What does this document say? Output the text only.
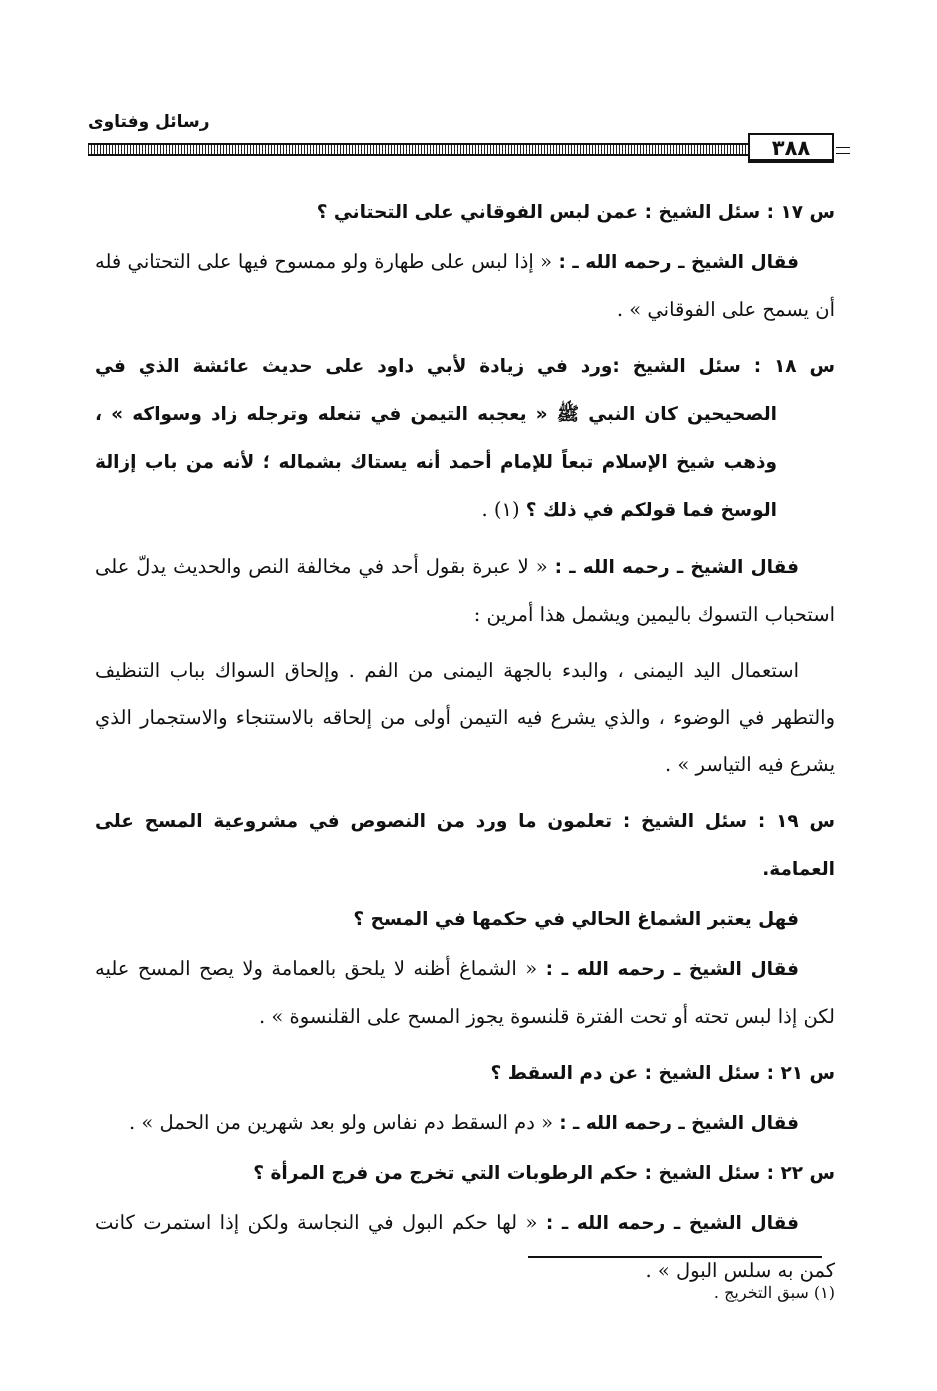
رسائل وفتاوى
٣٨٨

س ١٧ : سئل الشيخ : عمن لبس الفوقاني على التحتاني ؟

فقال الشيخ ـ رحمه الله ـ : « إذا لبس على طهارة ولو ممسوح فيها على التحتاني فله أن يسمح على الفوقاني » .

س ١٨ : سئل الشيخ :ورد في زيادة لأبي داود على حديث عائشة الذي في الصحيحين كان النبي ﷺ « يعجبه التيمن في تنعله وترجله زاد وسواكه » ، وذهب شيخ الإسلام تبعاً للإمام أحمد أنه يستاك بشماله ؛ لأنه من باب إزالة الوسخ فما قولكم في ذلك ؟ (١) .

فقال الشيخ ـ رحمه الله ـ : « لا عبرة بقول أحد في مخالفة النص والحديث يدلّ على استحباب التسوك باليمين ويشمل هذا أمرين :

استعمال اليد اليمنى ، والبدء بالجهة اليمنى من الفم . وإلحاق السواك بباب التنظيف والتطهر في الوضوء ، والذي يشرع فيه التيمن أولى من إلحاقه بالاستنجاء والاستجمار الذي يشرع فيه التياسر » .

س ١٩ : سئل الشيخ : تعلمون ما ورد من النصوص في مشروعية المسح على العمامة.

فهل يعتبر الشماغ الحالي في حكمها في المسح ؟

فقال الشيخ ـ رحمه الله ـ : « الشماغ أظنه لا يلحق بالعمامة ولا يصح المسح عليه لكن إذا لبس تحته أو تحت الفترة قلنسوة يجوز المسح على القلنسوة » .

س ٢١ : سئل الشيخ : عن دم السقط ؟

فقال الشيخ ـ رحمه الله ـ : « دم السقط دم نفاس ولو بعد شهرين من الحمل » .

س ٢٢ : سئل الشيخ : حكم الرطوبات التي تخرج من فرج المرأة ؟

فقال الشيخ ـ رحمه الله ـ : « لها حكم البول في النجاسة ولكن إذا استمرت كانت كمن به سلس البول » .

(١) سبق التخريج .
